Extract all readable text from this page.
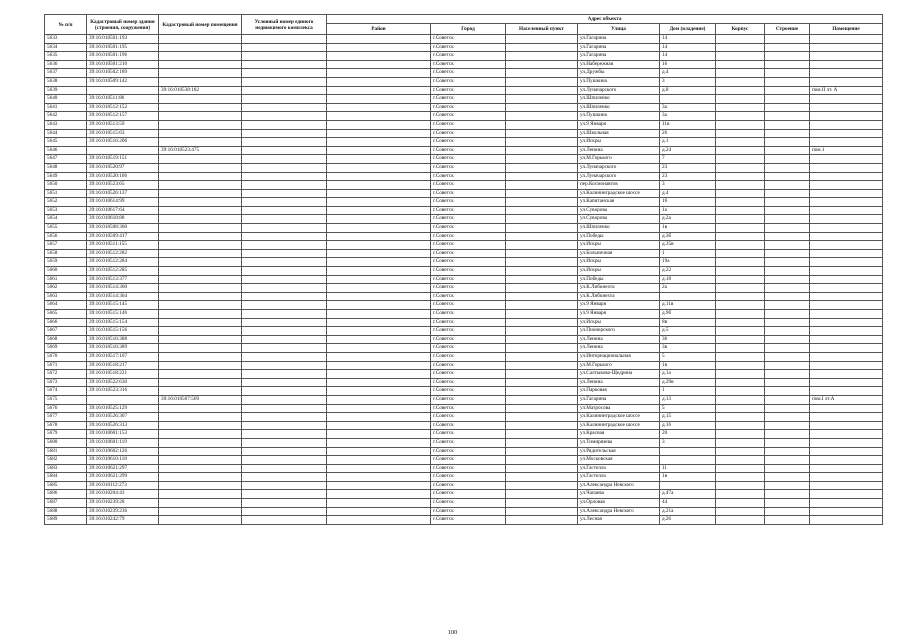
№ п/п	Кадастровый номер здания (строения, сооружения)	Кадастровый номер помещения	Условный номер единого недвижимого комплекса	Адрес объекта							
				Район	Город	Населенный пункт	Улица	Дом (владение)	Корпус	Строение	Помещение
5633	39:16:010501:193				г.Советск		ул.Гагарина	14			
5634	39:16:010501:195				г.Советск		ул.Гагарина	14			
5635	39:16:010501:196				г.Советск		ул.Гагарина	14			
5636	39:16:010501:210				г.Советск		ул.Набережная	16			
5637	39:16:010502:189				г.Советск		ул.Дружбы	д.4			
5638	39:16:010509:142				г.Советск		ул.Пушкина	3			
5639		39:16:010538:182			г.Советск		ул.Луначарского	д.8			пом.II лт. А
5640	39:16:010511:86				г.Советск		ул.Шпиленко				
5641	39:16:010512:152				г.Советск		ул.Шпиленко	3а			
5642	39:16:010512:157				г.Советск		ул.Пушкина	3а			
5643	39:16:010513:59				г.Советск		ул.9 Января	11в			
5644	39:16:010515:63				г.Советск		ул.Школьная	26			
5645	39:16:010516:206				г.Советск		ул.Искры	д.1			
5646		39:16:010523:475			г.Советск		ул.Ленина	д.24			пом.1
5647	39:16:010519:151				г.Советск		ул.М.Горького	7			
5648	39:16:010520:97				г.Советск		ул.Луначарского	23			
5649	39:16:010520:106				г.Советск		ул.Луначарского	23			
5650	39:16:010523:65				г.Советск		пер.Космонавтов	3			
5651	39:16:010526:137				г.Советск		ул.Калининградское шоссе	д.4			
5652	39:16:010614:99				г.Советск		ул.Капитанская	16			
5653	39:16:010617:64				г.Советск		ул.Суворова	1а			
5654	39:16:010618:88				г.Советск		ул.Суворова	д.2а			
5655	39:16:010508:360				г.Советск		ул.Шпиленко	1в			
5656	39:16:010509:417				г.Советск		ул.Победы	д.3б			
5657	39:16:010511:155				г.Советск		ул.Искры	д.35в			
5658	39:16:010512:282				г.Советск		ул.Больничная	1			
5659	39:16:010512:284				г.Советск		ул.Искры	19а			
5660	39:16:010512:285				г.Советск		ул.Искры	д.22			
5661	39:16:010513:377				г.Советск		ул.Победы	д.18			
5662	39:16:010514:360				г.Советск		ул.К.Либкнехта	2а			
5663	39:16:010514:304				г.Советск		ул.К.Либкнехта				
5664	39:16:010515:145				г.Советск		ул.9 Января	д.11в			
5665	39:16:010515:146				г.Советск		ул.9 Января	д.9б			
5666	39:16:010515:154				г.Советск		ул.Искры	8в			
5667	39:16:010515:156				г.Советск		ул.Пионерского	д.5			
5668	39:16:010516:388				г.Советск		ул.Ленина	36			
5669	39:16:010516:389				г.Советск		ул.Ленина	3в			
5670	39:16:010517:107				г.Советск		ул.Интернациональная	5			
5671	39:16:010518:217				г.Советск		ул.М.Горького	1в			
5672	39:16:010518:221				г.Советск		ул.Салтыкова-Щедрина	д.1а			
5673	39:16:010522:630				г.Советск		ул.Ленина	д.29в			
5674	39:16:010523:316				г.Советск		ул.Парковая	1			
5675		39:16:010507:569			г.Советск		ул.Гагарина	д.13			пом.I лт.А
5676	39:16:010525:129				г.Советск		ул.Матросова	5			
5677	39:16:010526:307				г.Советск		ул.Калининградское шоссе	д.15			
5678	39:16:010526:313				г.Советск		ул.Калининградское шоссе	д.16			
5679	39:16:010601:153				г.Советск		ул.Красная	20			
5680	39:16:010601:119				г.Советск		ул.Тимирязева	3			
5681	39:16:010602:126				г.Советск		ул.Рядительская				
5682	39:16:010610:118				г.Советск		ул.Московская				
5683	39:16:010621:297				г.Советск		ул.Гастелло	11			
5684	39:16:010621:299				г.Советск		ул.Гастелло	1в			
5685	39:16:010112:273				г.Советск		ул.Александра Невского				
5686	39:16:010204:43				г.Советск		ул.Чапаева	д.47а			
5687	39:16:010239:28				г.Советск		ул.Орловая	44			
5688	39:16:010239:236				г.Советск		ул.Александра Невского	д.21а			
5689	39:16:010242:79				г.Советск		ул.Лесная	д.26			
100
